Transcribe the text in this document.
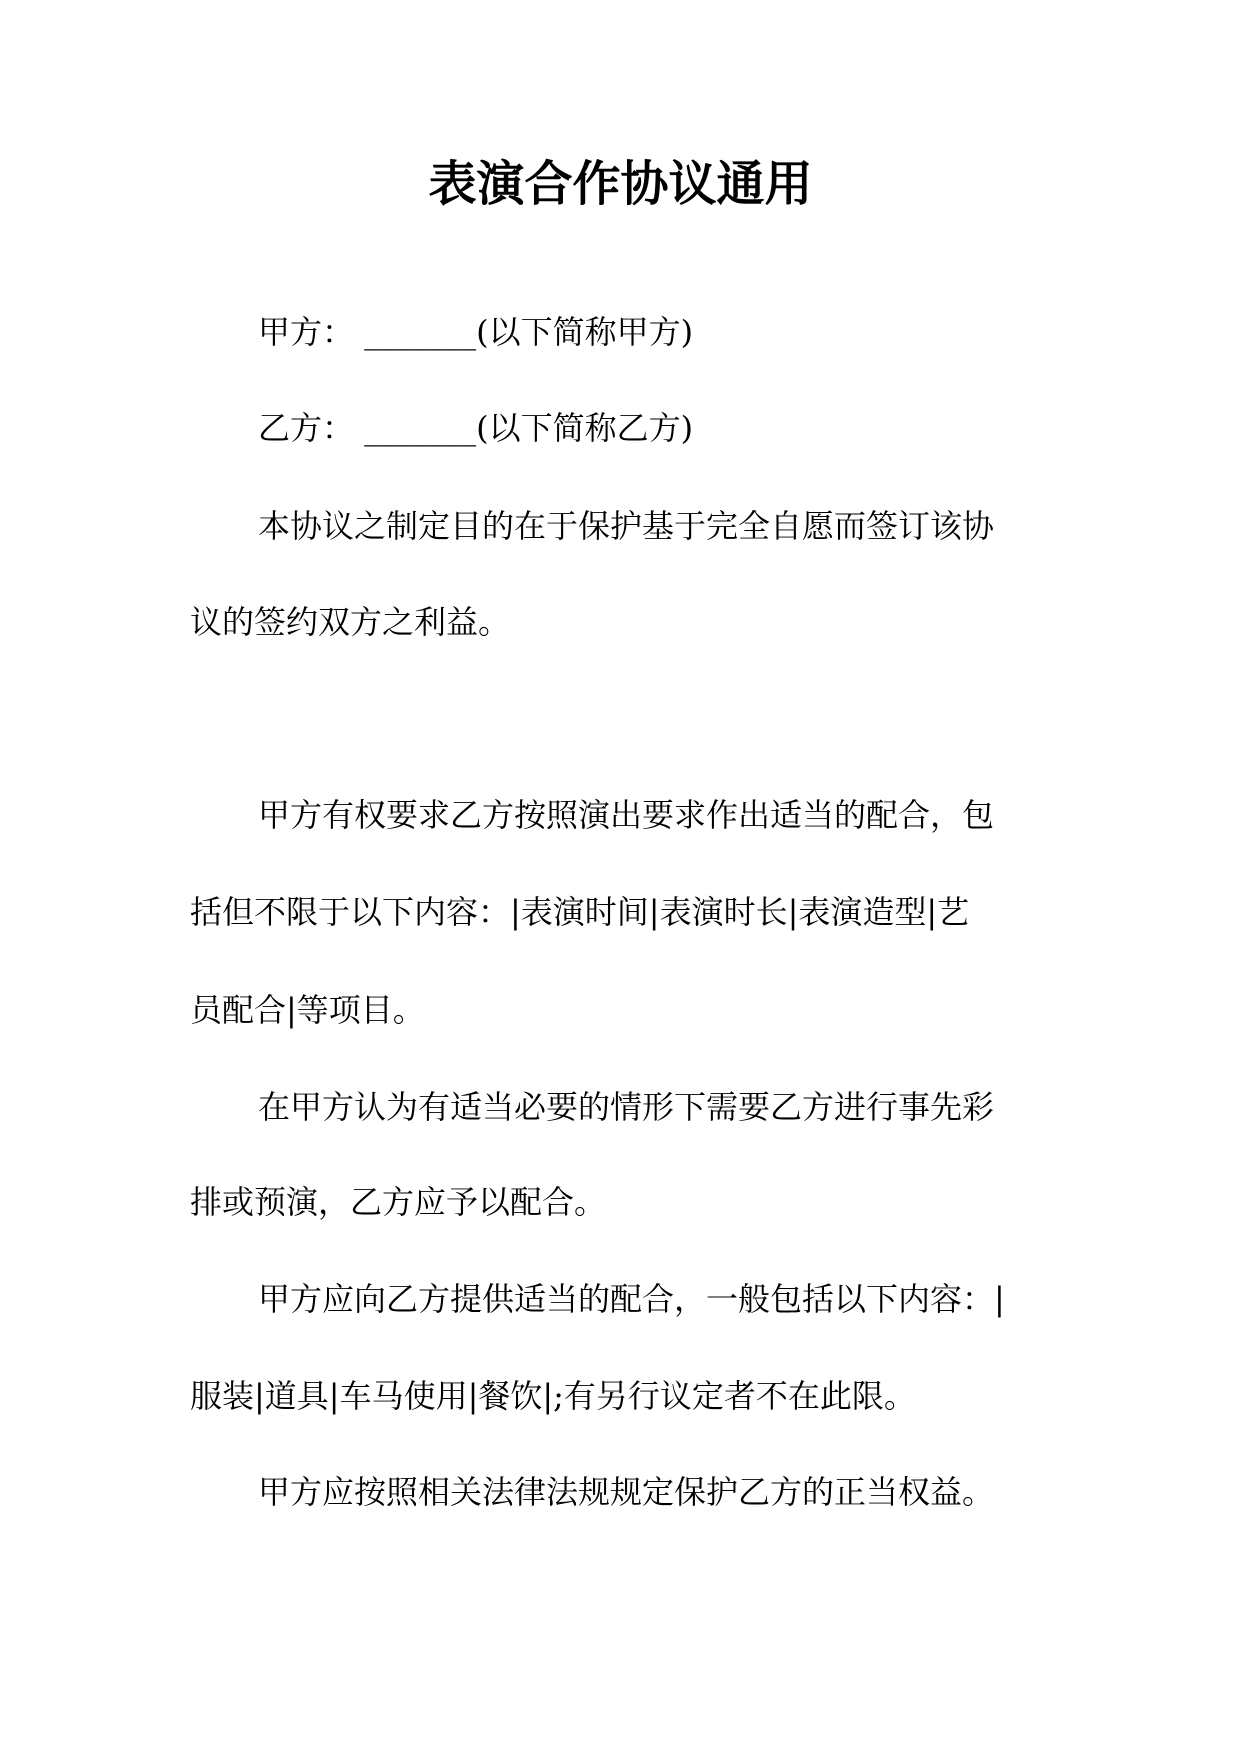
表演合作协议通用
甲方： _______(以下简称甲方)
乙方： _______(以下简称乙方)
本协议之制定目的在于保护基于完全自愿而签订该协
议的签约双方之利益。
甲方有权要求乙方按照演出要求作出适当的配合，包
括但不限于以下内容：|表演时间|表演时长|表演造型|艺
员配合|等项目。
在甲方认为有适当必要的情形下需要乙方进行事先彩
排或预演，乙方应予以配合。
甲方应向乙方提供适当的配合，一般包括以下内容：|
服装|道具|车马使用|餐饮|;有另行议定者不在此限。
甲方应按照相关法律法规规定保护乙方的正当权益。
